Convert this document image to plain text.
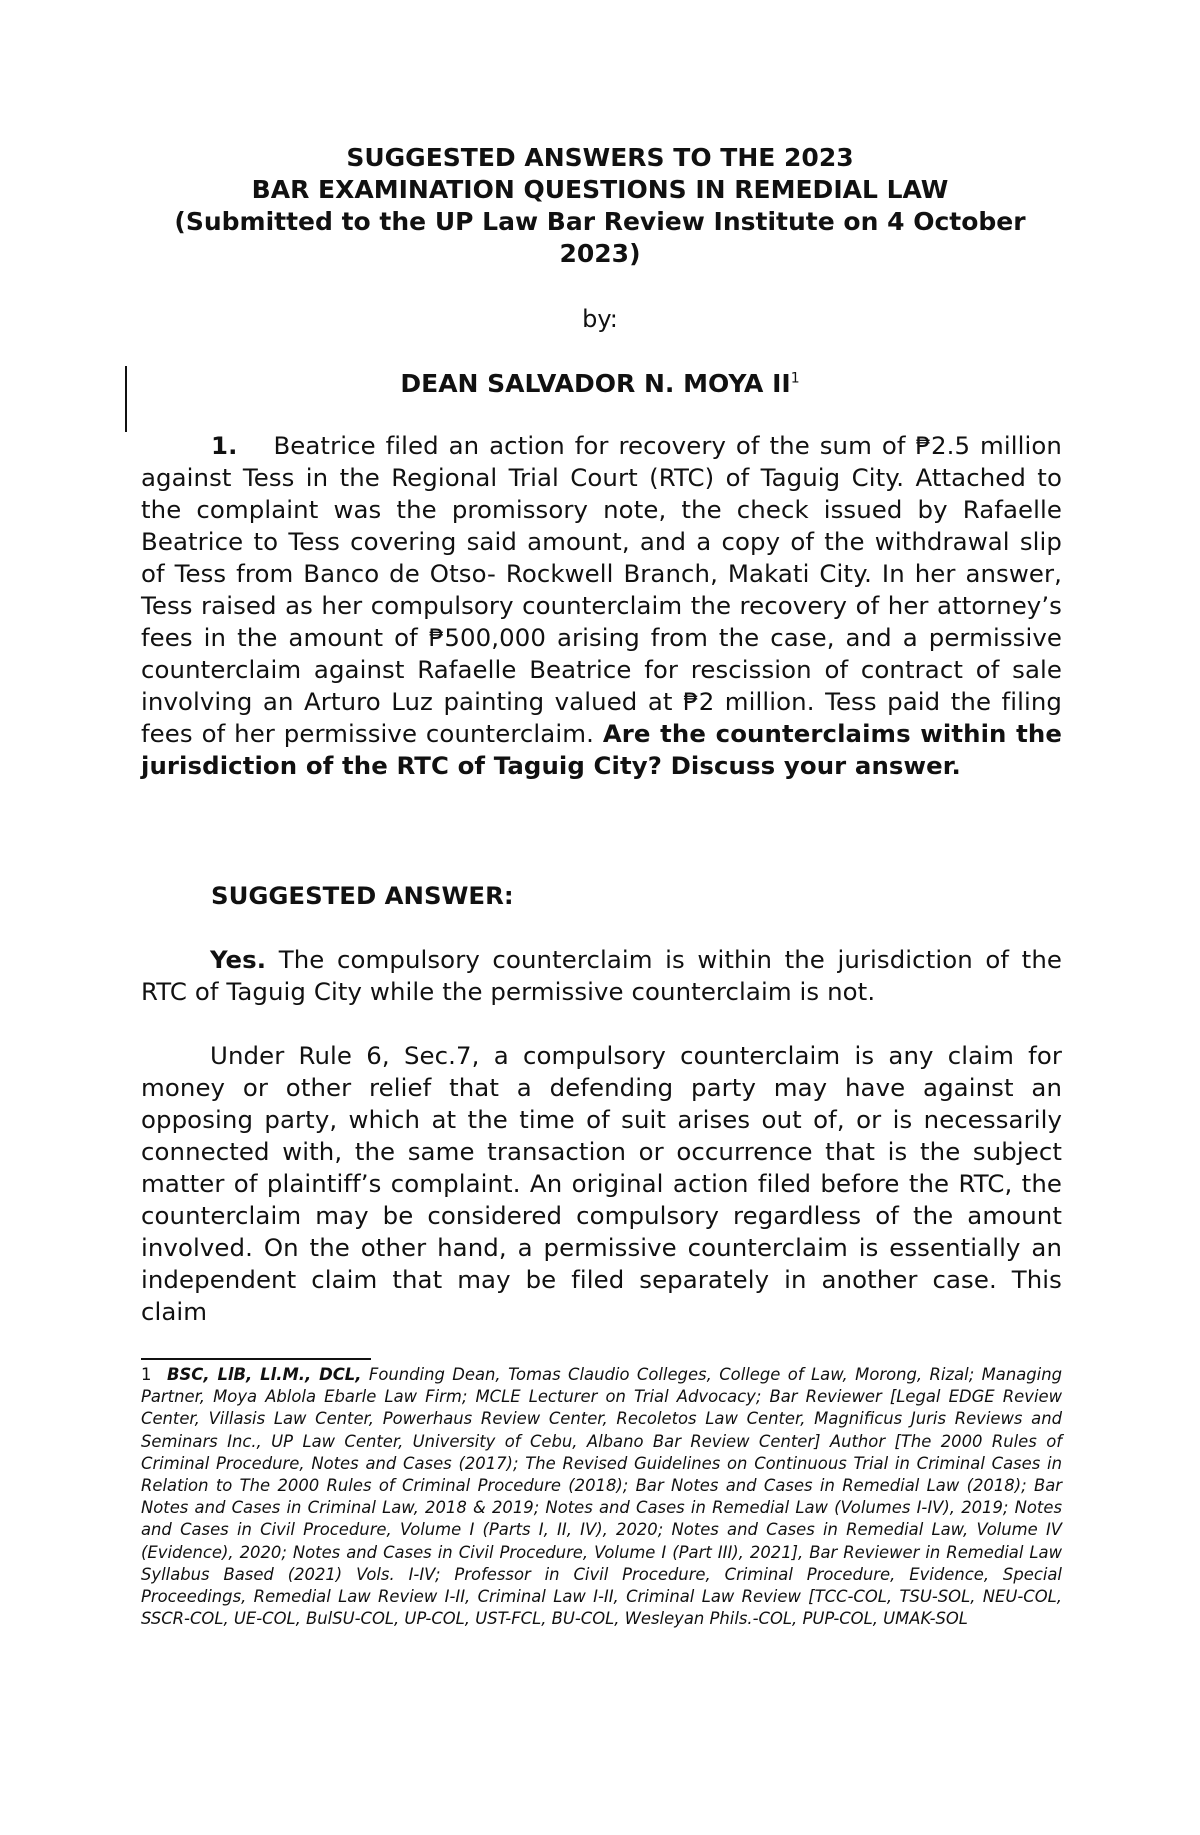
SUGGESTED ANSWERS TO THE 2023
BAR EXAMINATION QUESTIONS IN REMEDIAL LAW
(Submitted to the UP Law Bar Review Institute on 4 October 2023)
by:
DEAN SALVADOR N. MOYA $II^1$
1. Beatrice filed an action for recovery of the sum of ₱2.5 million against Tess in the Regional Trial Court (RTC) of Taguig City. Attached to the complaint was the promissory note, the check issued by Rafaelle Beatrice to Tess covering said amount, and a copy of the withdrawal slip of Tess from Banco de Otso- Rockwell Branch, Makati City. In her answer, Tess raised as her compulsory counterclaim the recovery of her attorney’s fees in the amount of ₱500,000 arising from the case, and a permissive counterclaim against Rafaelle Beatrice for rescission of contract of sale involving an Arturo Luz painting valued at ₱2 million. Tess paid the filing fees of her permissive counterclaim. Are the counterclaims within the jurisdiction of the RTC of Taguig City? Discuss your answer.
SUGGESTED ANSWER:
Yes. The compulsory counterclaim is within the jurisdiction of the RTC of Taguig City while the permissive counterclaim is not.
Under Rule 6, Sec.7, a compulsory counterclaim is any claim for money or other relief that a defending party may have against an opposing party, which at the time of suit arises out of, or is necessarily connected with, the same transaction or occurrence that is the subject matter of plaintiff’s complaint. An original action filed before the RTC, the counterclaim may be considered compulsory regardless of the amount involved. On the other hand, a permissive counterclaim is essentially an independent claim that may be filed separately in another case. This claim
1 BSC, LlB, Ll.M., DCL, Founding Dean, Tomas Claudio Colleges, College of Law, Morong, Rizal; Managing Partner, Moya Ablola Ebarle Law Firm; MCLE Lecturer on Trial Advocacy; Bar Reviewer [Legal EDGE Review Center, Villasis Law Center, Powerhaus Review Center, Recoletos Law Center, Magnificus Juris Reviews and Seminars Inc., UP Law Center, University of Cebu, Albano Bar Review Center] Author [The 2000 Rules of Criminal Procedure, Notes and Cases (2017); The Revised Guidelines on Continuous Trial in Criminal Cases in Relation to The 2000 Rules of Criminal Procedure (2018); Bar Notes and Cases in Remedial Law (2018); Bar Notes and Cases in Criminal Law, 2018 & 2019; Notes and Cases in Remedial Law (Volumes I-IV), 2019; Notes and Cases in Civil Procedure, Volume I (Parts I, II, IV), 2020; Notes and Cases in Remedial Law, Volume IV (Evidence), 2020; Notes and Cases in Civil Procedure, Volume I (Part III), 2021], Bar Reviewer in Remedial Law Syllabus Based (2021) Vols. I-IV; Professor in Civil Procedure, Criminal Procedure, Evidence, Special Proceedings, Remedial Law Review I-II, Criminal Law I-II, Criminal Law Review [TCC-COL, TSU-SOL, NEU-COL, SSCR-COL, UE-COL, BulSU-COL, UP-COL, UST-FCL, BU-COL, Wesleyan Phils.-COL, PUP-COL, UMAK-SOL
